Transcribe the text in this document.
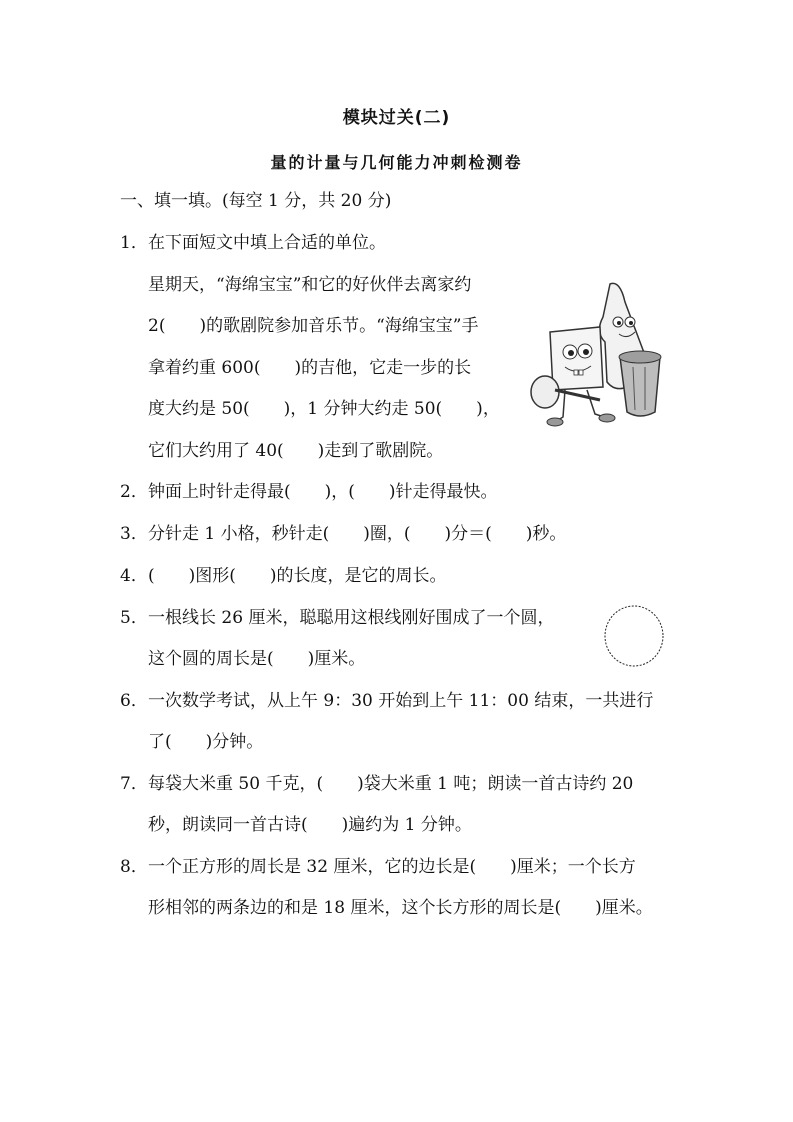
模块过关(二)
量的计量与几何能力冲刺检测卷
一、填一填。(每空 1 分，共 20 分)
1．在下面短文中填上合适的单位。
星期天，“海绵宝宝”和它的好伙伴去离家约
2(　　)的歌剧院参加音乐节。“海绵宝宝”手
拿着约重 600(　　)的吉他，它走一步的长
度大约是 50(　　)，1 分钟大约走 50(　　)，
它们大约用了 40(　　)走到了歌剧院。
2．钟面上时针走得最(　　)，(　　)针走得最快。
3．分针走 1 小格，秒针走(　　)圈，(　　)分＝(　　)秒。
4．(　　)图形(　　)的长度，是它的周长。
5．一根线长 26 厘米，聪聪用这根线刚好围成了一个圆，
这个圆的周长是(　　)厘米。
6．一次数学考试，从上午 9：30 开始到上午 11：00 结束，一共进行
了(　　)分钟。
7．每袋大米重 50 千克，(　　)袋大米重 1 吨；朗读一首古诗约 20
秒，朗读同一首古诗(　　)遍约为 1 分钟。
8．一个正方形的周长是 32 厘米，它的边长是(　　)厘米；一个长方
形相邻的两条边的和是 18 厘米，这个长方形的周长是(　　)厘米。
